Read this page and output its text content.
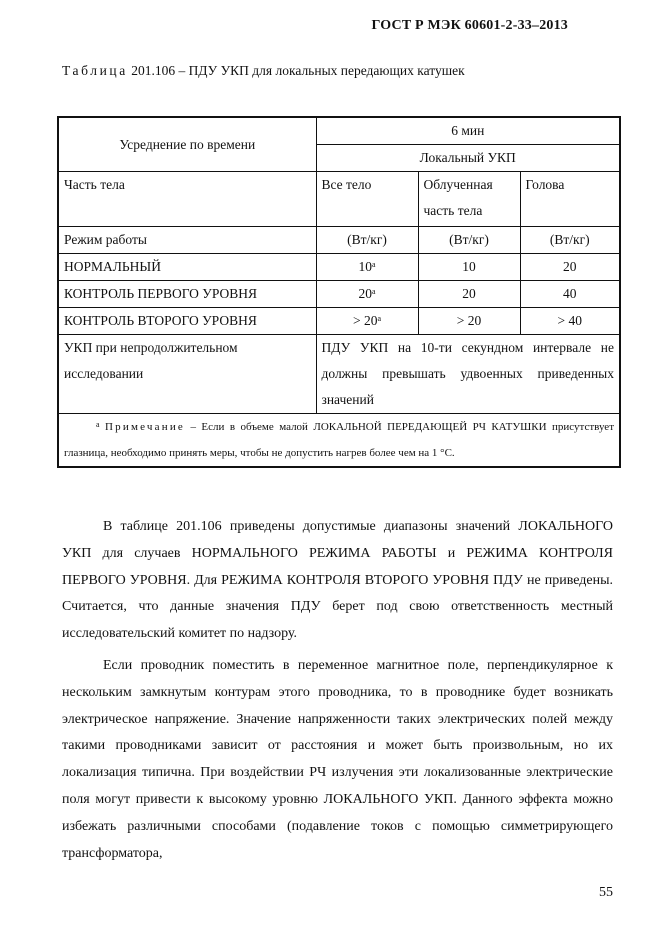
ГОСТ Р МЭК 60601-2-33–2013
Таблица 201.106 – ПДУ УКП для локальных передающих катушек
Усреднение по времени	6 мин		
	Локальный УКП		
Часть тела	Все тело	Облученная часть тела	Голова
Режим работы	(Вт/кг)	(Вт/кг)	(Вт/кг)
НОРМАЛЬНЫЙ	$10^а$	10	20
КОНТРОЛЬ ПЕРВОГО УРОВНЯ	$20^а$	20	40
КОНТРОЛЬ ВТОРОГО УРОВНЯ	> $20^а$	> 20	> 40
УКП при непродолжительном исследовании	ПДУ УКП на 10-ти секундном интервале не должны превышать удвоенных приведенных значений		
$^а$ Примечание – Если в объеме малой ЛОКАЛЬНОЙ ПЕРЕДАЮЩЕЙ РЧ КАТУШКИ присутствует глазница, необходимо принять меры, чтобы не допустить нагрев более чем на 1 °С.			

В таблице 201.106 приведены допустимые диапазоны значений ЛОКАЛЬНОГО УКП для случаев НОРМАЛЬНОГО РЕЖИМА РАБОТЫ и РЕЖИМА КОНТРОЛЯ ПЕРВОГО УРОВНЯ. Для РЕЖИМА КОНТРОЛЯ ВТОРОГО УРОВНЯ ПДУ не приведены. Считается, что данные значения ПДУ берет под свою ответственность местный исследовательский комитет по надзору.

Если проводник поместить в переменное магнитное поле, перпендикулярное к нескольким замкнутым контурам этого проводника, то в проводнике будет возникать электрическое напряжение. Значение напряженности таких электрических полей между такими проводниками зависит от расстояния и может быть произвольным, но их локализация типична. При воздействии РЧ излучения эти локализованные электрические поля могут привести к высокому уровню ЛОКАЛЬНОГО УКП. Данного эффекта можно избежать различными способами (подавление токов с помощью симметрирующего трансформатора,

55
